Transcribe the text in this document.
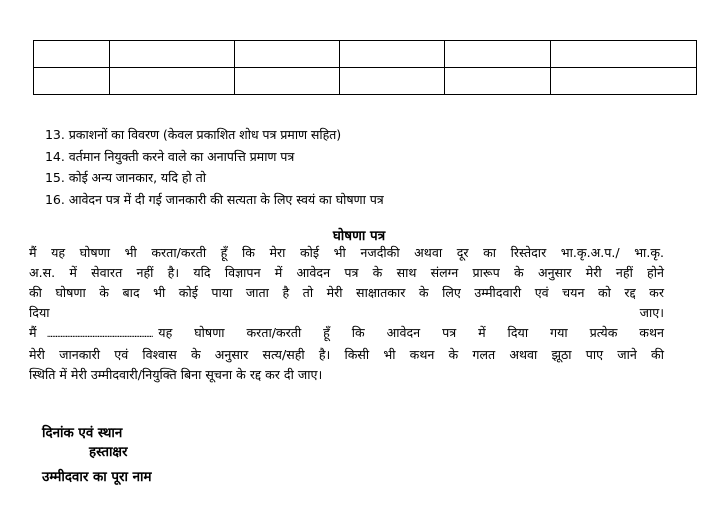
13. प्रकाशनों का विवरण (केवल प्रकाशित शोध पत्र प्रमाण सहित)
14. वर्तमान नियुक्ती करने वाले का अनापत्ति प्रमाण पत्र
15. कोई अन्य जानकार, यदि हो तो
16. आवेदन पत्र में दी गई जानकारी की सत्यता के लिए स्वयं का घोषणा पत्र
घोषणा पत्र

मैं यह घोषणा भी करता/करती हूँ कि मेरा कोई भी नजदीकी अथवा दूर का रिस्तेदार भा.कृ.अ.प./ भा.कृ.
अ.स. में सेवारत नहीं है। यदि विज्ञापन में आवेदन पत्र के साथ संलग्न प्रारूप के अनुसार मेरी नहीं होने
की घोषणा के बाद भी कोई पाया जाता है तो मेरी साक्षातकार के लिए उम्मीदवारी एवं चयन को रद्द कर
दिया	जाए।

मैं ............................................................... यह घोषणा करता/करती हूँ कि आवेदन पत्र में दिया गया प्रत्येक कथन
मेरी जानकारी एवं विश्वास के अनुसार सत्य/सही है। किसी भी कथन के गलत अथवा झूठा पाए जाने की
स्थिति में मेरी उम्मीदवारी/नियुक्ति बिना सूचना के रद्द कर दी जाए।

दिनांक एवं स्थान
हस्ताक्षर
उम्मीदवार का पूरा नाम
